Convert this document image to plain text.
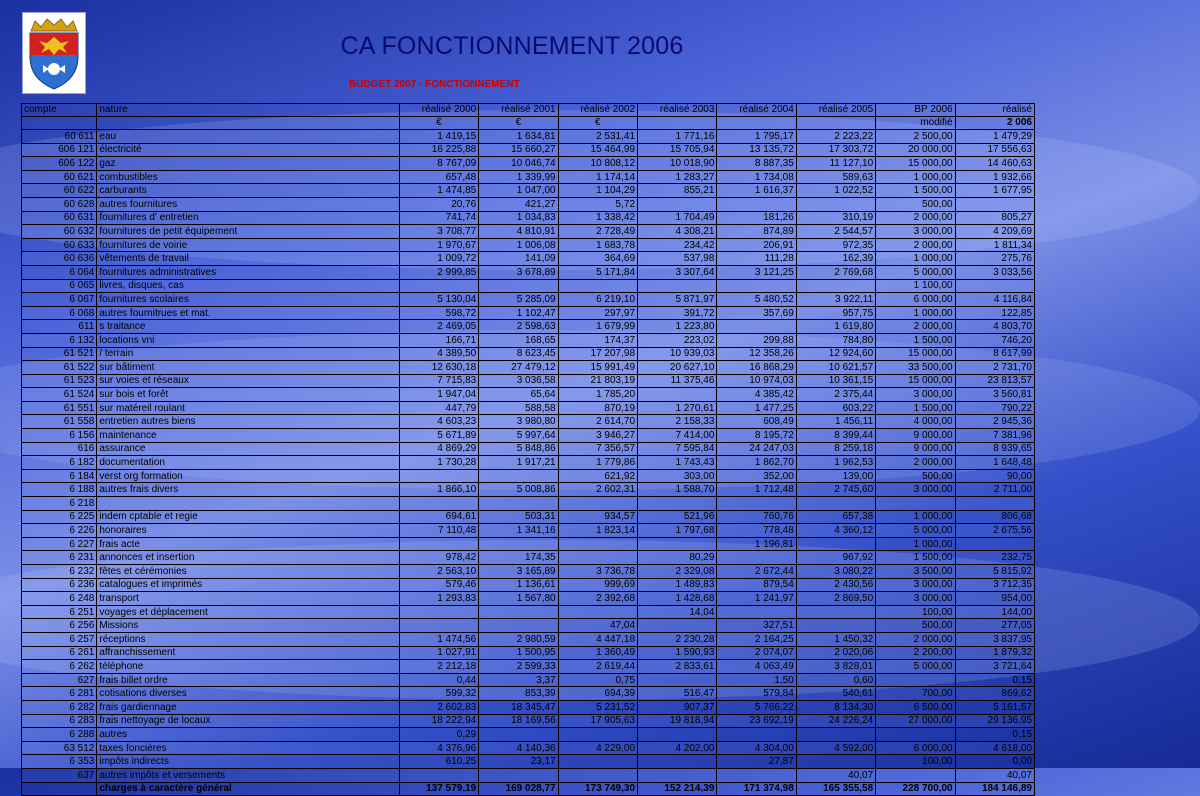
CA FONCTIONNEMENT 2006
BUDGET 2007 - FONCTIONNEMENT
compte	nature	réalisé 2000	réalisé 2001	réalisé 2002	réalisé 2003	réalisé 2004	réalisé 2005	BP 2006	réalisé
		€	€	€				modifié	2 006
60 611	eau	1 419,15	1 634,81	2 531,41	1 771,16	1 795,17	2 223,22	2 500,00	1 479,29
606 121	électricité	16 225,88	15 660,27	15 464,99	15 705,94	13 135,72	17 303,72	20 000,00	17 556,63
606 122	gaz	8 767,09	10 046,74	10 808,12	10 018,90	8 887,35	11 127,10	15 000,00	14 460,63
60 621	combustibles	657,48	1 339,99	1 174,14	1 283,27	1 734,08	589,63	1 000,00	1 932,66
60 622	carburants	1 474,85	1 047,00	1 104,29	855,21	1 616,37	1 022,52	1 500,00	1 677,95
60 628	autres fournitures	20,76	421,27	5,72				500,00	
60 631	fournitures d' entretien	741,74	1 034,83	1 338,42	1 704,49	181,26	310,19	2 000,00	805,27
60 632	fournitures de petit équipement	3 708,77	4 810,91	2 728,49	4 308,21	874,89	2 544,57	3 000,00	4 209,69
60 633	fournitures de voirie	1 970,67	1 006,08	1 683,78	234,42	206,91	972,35	2 000,00	1 811,34
60 636	vêtements de travail	1 009,72	141,09	364,69	537,98	111,28	162,39	1 000,00	275,76
6 064	fournitures administratives	2 999,85	3 678,89	5 171,84	3 307,64	3 121,25	2 769,68	5 000,00	3 033,56
6 065	livres, disques, cas							1 100,00	
6 067	fournitures scolaires	5 130,04	5 285,09	6 219,10	5 871,97	5 480,52	3 922,11	6 000,00	4 116,84
6 068	autres fournitrues et mat.	598,72	1 102,47	297,97	391,72	357,69	957,75	1 000,00	122,85
611	s traitance	2 469,05	2 598,63	1 679,99	1 223,80		1 619,80	2 000,00	4 803,70
6 132	locations vni	166,71	168,65	174,37	223,02	299,88	784,80	1 500,00	746,20
61 521	/ terrain	4 389,50	8 623,45	17 207,98	10 939,03	12 358,26	12 924,60	15 000,00	8 617,99
61 522	sur bâtiment	12 630,18	27 479,12	15 991,49	20 627,10	16 868,29	10 621,57	33 500,00	2 731,70
61 523	sur voies et réseaux	7 715,83	3 036,58	21 803,19	11 375,46	10 974,03	10 361,15	15 000,00	23 813,57
61 524	sur bois et forêt	1 947,04	65,64	1 785,20		4 385,42	2 375,44	3 000,00	3 560,81
61 551	sur matéreil roulant	447,79	588,58	870,19	1 270,61	1 477,25	603,22	1 500,00	790,22
61 558	entretien autres biens	4 603,23	3 980,80	2 614,70	2 158,33	608,49	1 456,11	4 000,00	2 945,36
6 156	maintenance	5 671,89	5 997,64	3 946,27	7 414,00	8 195,72	8 399,44	9 000,00	7 381,96
616	assurance	4 869,29	5 848,86	7 356,57	7 595,84	24 247,03	8 259,18	9 000,00	8 939,65
6 182	documentation	1 730,28	1 917,21	1 779,86	1 743,43	1 862,70	1 962,53	2 000,00	1 648,48
6 184	verst org formation			621,92	303,00	352,00	139,00	500,00	90,00
6 188	autres frais divers	1 866,10	5 008,86	2 602,31	1 588,70	1 712,48	2 745,60	3 000,00	2 711,00
6 218									
6 225	indem cptable et regie	694,61	503,31	934,57	521,96	760,76	657,38	1 000,00	806,68
6 226	honoraires	7 110,48	1 341,16	1 823,14	1 797,68	778,48	4 360,12	5 000,00	2 675,56
6 227	frais acte					1 196,81		1 000,00	
6 231	annonces et insertion	978,42	174,35		80,29		967,92	1 500,00	232,75
6 232	fêtes et cérémonies	2 563,10	3 165,89	3 736,78	2 329,08	2 672,44	3 080,22	3 500,00	5 815,92
6 236	catalogues et imprimés	579,46	1 136,61	999,69	1 489,83	879,54	2 430,56	3 000,00	3 712,35
6 248	transport	1 293,83	1 567,80	2 392,68	1 428,68	1 241,97	2 869,50	3 000,00	954,00
6 251	voyages et déplacement				14,04			100,00	144,00
6 256	Missions			47,04		327,51		500,00	277,05
6 257	réceptions	1 474,56	2 980,59	4 447,18	2 230,28	2 164,25	1 450,32	2 000,00	3 837,95
6 261	affranchissement	1 027,91	1 500,95	1 360,49	1 590,93	2 074,07	2 020,06	2 200,00	1 879,32
6 262	téléphone	2 212,18	2 599,33	2 619,44	2 833,61	4 063,49	3 828,01	5 000,00	3 721,64
627	frais billet ordre	0,44	3,37	0,75		1,50	0,60		0,15
6 281	cotisations diverses	599,32	853,39	694,39	516,47	579,84	540,61	700,00	869,62
6 282	frais gardiennage	2 602,83	18 345,47	5 231,52	907,37	5 766,22	8 134,30	6 500,00	5 161,57
6 283	frais nettoyage de locaux	18 222,94	18 169,56	17 905,63	19 818,94	23 692,19	24 226,24	27 000,00	29 136,95
6 288	autres	0,29							0,15
63 512	taxes foncières	4 376,96	4 140,36	4 229,00	4 202,00	4 304,00	4 592,00	6 000,00	4 618,00
6 353	impôts indirects	610,25	23,17			27,87		100,00	0,00
637	autres impôts et versements						40,07		40,07
	charges à caractère général	137 579,19	169 028,77	173 749,30	152 214,39	171 374,98	165 355,58	228 700,00	184 146,89
